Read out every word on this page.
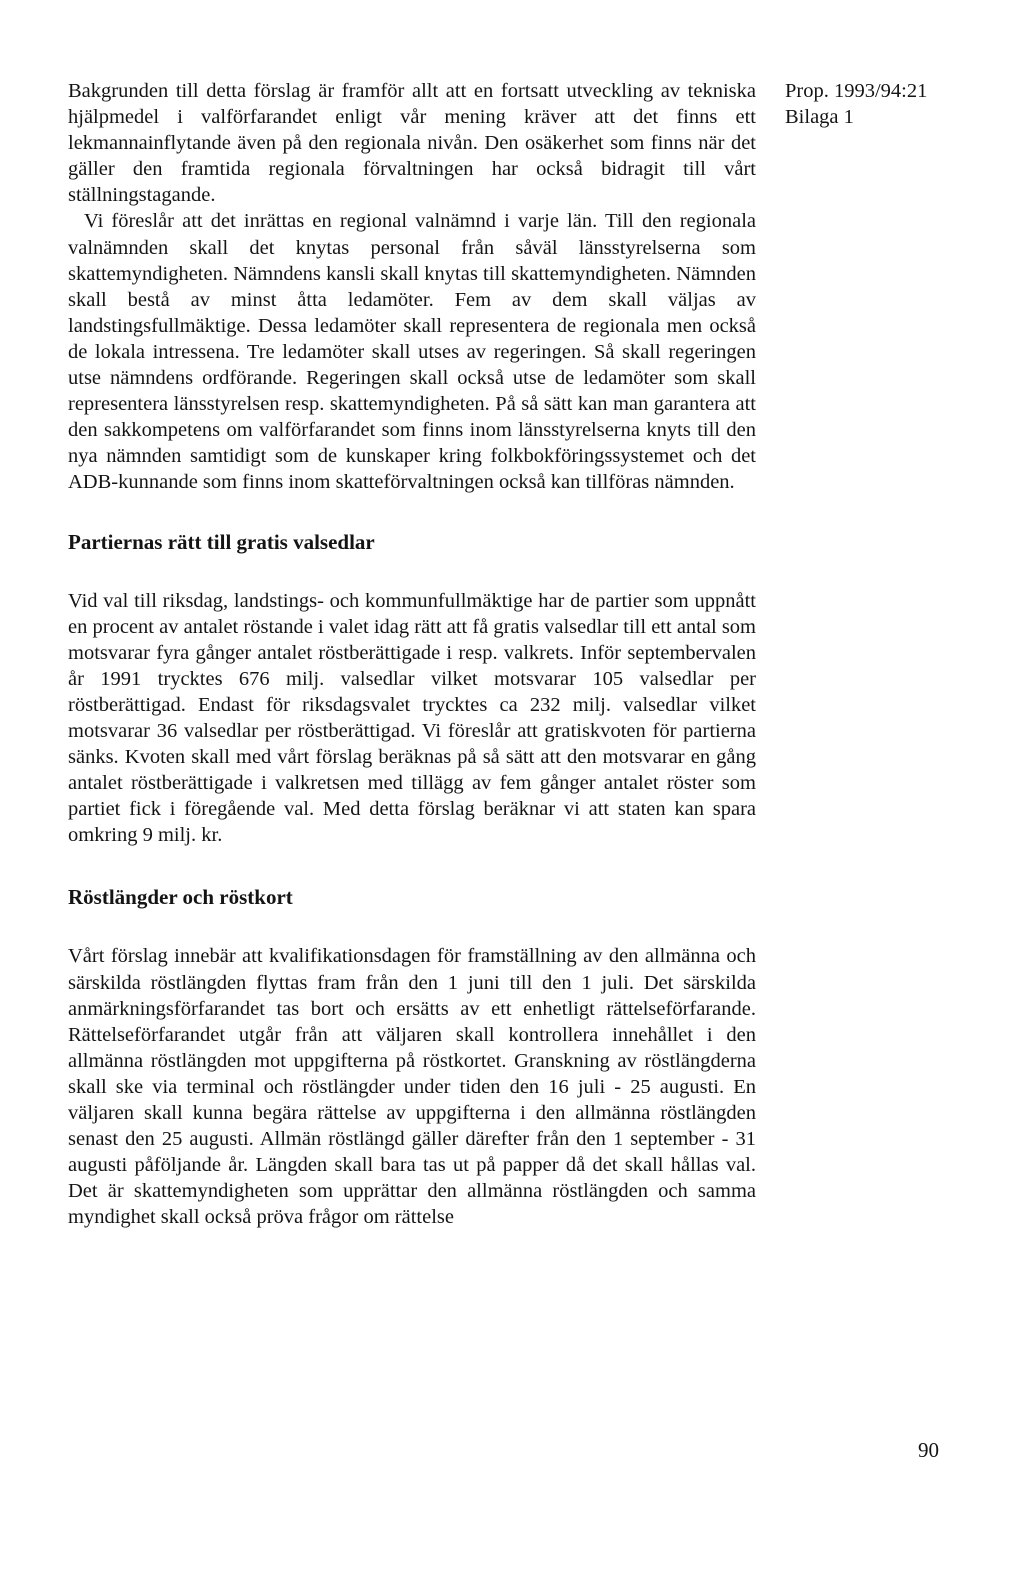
Bakgrunden till detta förslag är framför allt att en fortsatt utveckling av tekniska hjälpmedel i valförfarandet enligt vår mening kräver att det finns ett lekmannainflytande även på den regionala nivån. Den osäkerhet som finns när det gäller den framtida regionala förvaltningen har också bidragit till vårt ställningstagande.

Vi föreslår att det inrättas en regional valnämnd i varje län. Till den regionala valnämnden skall det knytas personal från såväl länsstyrelserna som skattemyndigheten. Nämndens kansli skall knytas till skattemyndigheten. Nämnden skall bestå av minst åtta ledamöter. Fem av dem skall väljas av landstingsfullmäktige. Dessa ledamöter skall representera de regionala men också de lokala intressena. Tre ledamöter skall utses av regeringen. Så skall regeringen utse nämndens ordförande. Regeringen skall också utse de ledamöter som skall representera länsstyrelsen resp. skattemyndigheten. På så sätt kan man garantera att den sakkompetens om valförfarandet som finns inom länsstyrelserna knyts till den nya nämnden samtidigt som de kunskaper kring folkbokföringssystemet och det ADB-kunnande som finns inom skatteförvaltningen också kan tillföras nämnden.

Partiernas rätt till gratis valsedlar

Vid val till riksdag, landstings- och kommunfullmäktige har de partier som uppnått en procent av antalet röstande i valet idag rätt att få gratis valsedlar till ett antal som motsvarar fyra gånger antalet röstberättigade i resp. valkrets. Inför septembervalen år 1991 trycktes 676 milj. valsedlar vilket motsvarar 105 valsedlar per röstberättigad. Endast för riksdagsvalet trycktes ca 232 milj. valsedlar vilket motsvarar 36 valsedlar per röstberättigad. Vi föreslår att gratiskvoten för partierna sänks. Kvoten skall med vårt förslag beräknas på så sätt att den motsvarar en gång antalet röstberättigade i valkretsen med tillägg av fem gånger antalet röster som partiet fick i föregående val. Med detta förslag beräknar vi att staten kan spara omkring 9 milj. kr.

Röstlängder och röstkort

Vårt förslag innebär att kvalifikationsdagen för framställning av den allmänna och särskilda röstlängden flyttas fram från den 1 juni till den 1 juli. Det särskilda anmärkningsförfarandet tas bort och ersätts av ett enhetligt rättelseförfarande. Rättelseförfarandet utgår från att väljaren skall kontrollera innehållet i den allmänna röstlängden mot uppgifterna på röstkortet. Granskning av röstlängderna skall ske via terminal och röstlängder under tiden den 16 juli - 25 augusti. En väljaren skall kunna begära rättelse av uppgifterna i den allmänna röstlängden senast den 25 augusti. Allmän röstlängd gäller därefter från den 1 september - 31 augusti påföljande år. Längden skall bara tas ut på papper då det skall hållas val. Det är skattemyndigheten som upprättar den allmänna röstlängden och samma myndighet skall också pröva frågor om rättelse

Prop. 1993/94:21
Bilaga 1
90
